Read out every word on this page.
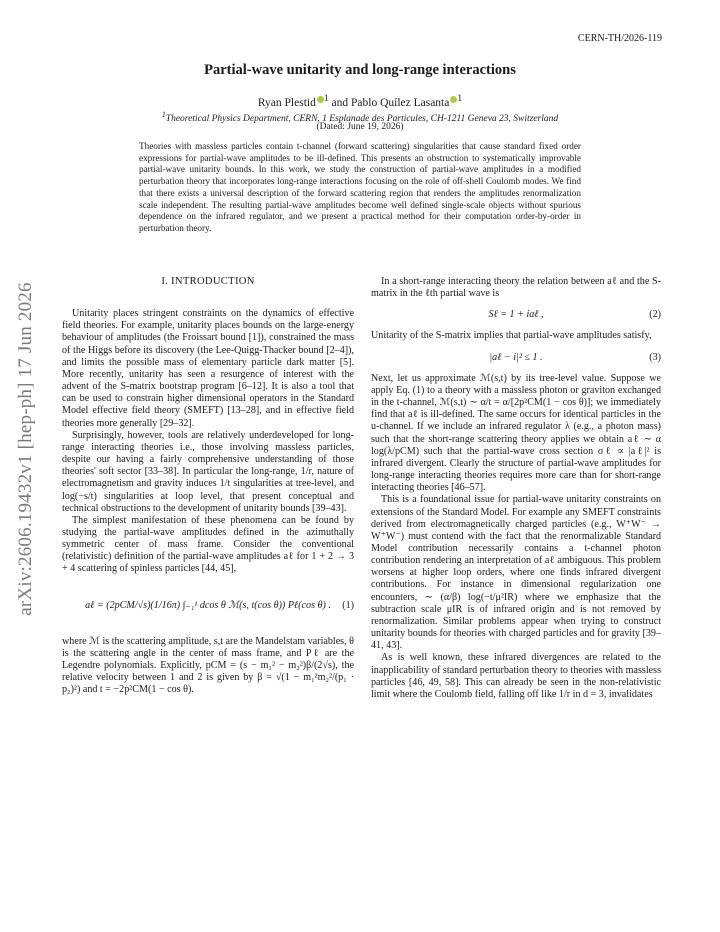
arXiv:2606.19432v1 [hep-ph] 17 Jun 2026
CERN-TH/2026-119
Partial-wave unitarity and long-range interactions
Ryan Plestid $^1$ and Pablo Quílez Lasanta $^1$
$^1$Theoretical Physics Department, CERN, 1 Esplanade des Particules, CH-1211 Geneva 23, Switzerland
(Dated: June 19, 2026)
Theories with massless particles contain t-channel (forward scattering) singularities that cause standard fixed order expressions for partial-wave amplitudes to be ill-defined. This presents an obstruction to systematically improvable partial-wave unitarity bounds. In this work, we study the construction of partial-wave amplitudes in a modified perturbation theory that incorporates long-range interactions focusing on the role of off-shell Coulomb modes. We find that there exists a universal description of the forward scattering region that renders the amplitudes renormalization scale independent. The resulting partial-wave amplitudes become well defined single-scale objects without spurious dependence on the infrared regulator, and we present a practical method for their computation order-by-order in perturbation theory.
I. INTRODUCTION

Unitarity places stringent constraints on the dynamics of effective field theories. For example, unitarity places bounds on the large-energy behaviour of amplitudes (the Froissart bound [1]), constrained the mass of the Higgs before its discovery (the Lee-Quigg-Thacker bound [2–4]), and limits the possible mass of elementary particle dark matter [5]. More recently, unitarity has seen a resurgence of interest with the advent of the S-matrix bootstrap program [6–12]. It is also a tool that can be used to constrain higher dimensional operators in the Standard Model effective field theory (SMEFT) [13–28], and in effective field theories more generally [29–32].

Surprisingly, however, tools are relatively underdeveloped for long-range interacting theories i.e., those involving massless particles, despite our having a fairly comprehensive understanding of those theories' soft sector [33–38]. In particular the long-range, 1/r, nature of electromagnetism and gravity induces 1/t singularities at tree-level, and log(−s/t) singularities at loop level, that present conceptual and technical obstructions to the development of unitarity bounds [39–43].

The simplest manifestation of these phenomena can be found by studying the partial-wave amplitudes defined in the azimuthally symmetric center of mass frame. Consider the conventional (relativistic) definition of the partial-wave amplitudes aℓ for 1 + 2 → 3 + 4 scattering of spinless particles [44, 45],

aℓ = (2pCM/√s)(1/16π) ∫₋₁¹ dcos θ ℳ(s, t(cos θ)) Pℓ(cos θ) . (1)

where ℳ is the scattering amplitude, s,t are the Mandelstam variables, θ is the scattering angle in the center of mass frame, and Pℓ are the Legendre polynomials. Explicitly, pCM = (s − m₁² − m₂²)β/(2√s), the relative velocity between 1 and 2 is given by β = √(1 − m₁²m₂²/(p₁ · p₂)²) and t = −2p²CM(1 − cos θ).

In a short-range interacting theory the relation between aℓ and the S-matrix in the ℓth partial wave is

Sℓ = 1 + iaℓ ,	(2)

Unitarity of the S-matrix implies that partial-wave amplitudes satisfy,

|aℓ − i|² ≤ 1 .	(3)

Next, let us approximate ℳ(s,t) by its tree-level value. Suppose we apply Eq. (1) to a theory with a massless photon or graviton exchanged in the t-channel, ℳ(s,t) ∼ α/t = α/[2p²CM(1 − cos θ)]; we immediately find that aℓ is ill-defined. The same occurs for identical particles in the u-channel. If we include an infrared regulator λ (e.g., a photon mass) such that the short-range scattering theory applies we obtain aℓ ∼ α log(λ/pCM) such that the partial-wave cross section σℓ ∝ |aℓ|² is infrared divergent. Clearly the structure of partial-wave amplitudes for long-range interacting theories requires more care than for short-range interacting theories [46–57].

This is a foundational issue for partial-wave unitarity constraints on extensions of the Standard Model. For example any SMEFT constraints derived from electromagnetically charged particles (e.g., W⁺W⁻ → W⁺W⁻) must contend with the fact that the renormalizable Standard Model contribution necessarily contains a t-channel photon contribution rendering an interpretation of aℓ ambiguous. This problem worsens at higher loop orders, where one finds infrared divergent contributions. For instance in dimensional regularization one encounters, ∼ (α/β) log(−t/μ²IR) where we emphasize that the subtraction scale μIR is of infrared origin and is not removed by renormalization. Similar problems appear when trying to construct unitarity bounds for theories with charged particles and for gravity [39–41, 43].

As is well known, these infrared divergences are related to the inapplicability of standard perturbation theory to theories with massless particles [46, 49, 58]. This can already be seen in the non-relativistic limit where the Coulomb field, falling off like 1/r in d = 3, invalidates
